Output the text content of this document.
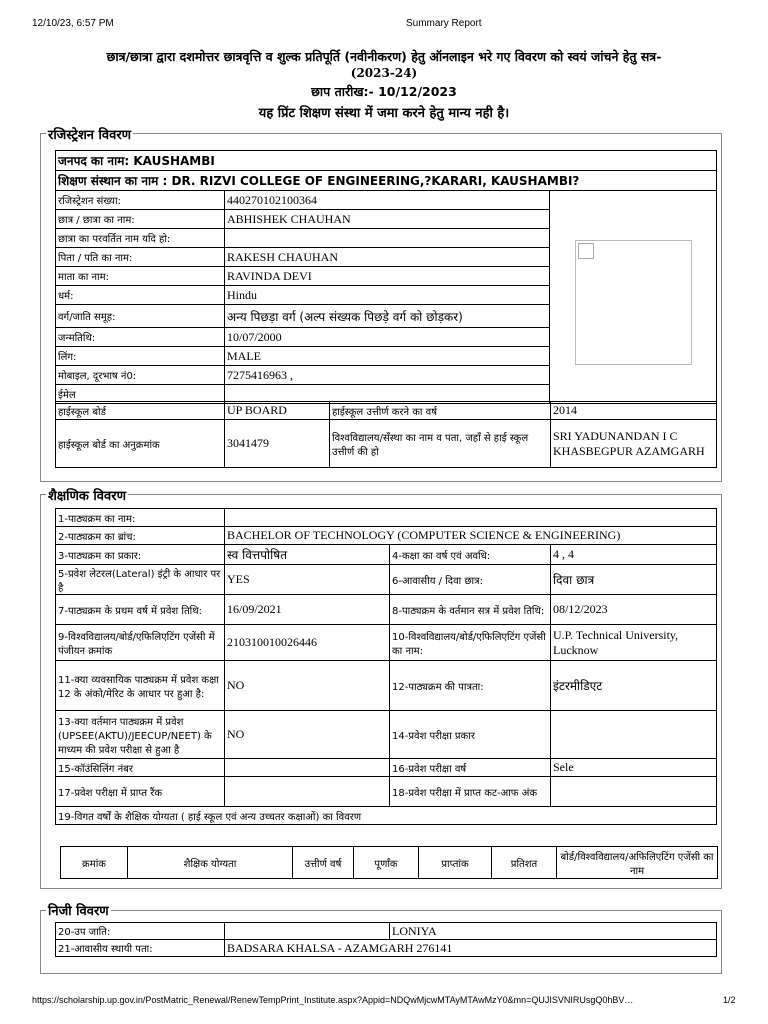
12/10/23, 6:57 PM	Summary Report
छात्र/छात्रा द्वारा दशमोत्तर छात्रवृत्ति व शुल्क प्रतिपूर्ति (नवीनीकरण) हेतु ऑनलाइन भरे गए विवरण को स्वयं जांचने हेतु सत्र-
(2023-24)
छाप तारीख:- 10/12/2023
यह प्रिंट शिक्षण संस्था में जमा करने हेतु मान्य नही है।
रजिस्ट्रेशन विवरण
जनपद का नाम: KAUSHAMBI		
शिक्षण संस्थान का नाम : DR. RIZVI COLLEGE OF ENGINEERING,?KARARI, KAUSHAMBI?		
रजिस्ट्रेशन संख्या:	440270102100364	
छात्र / छात्रा का नाम:	ABHISHEK CHAUHAN	
छात्रा का परवर्तित नाम यदि हो:		
पिता / पति का नाम:	RAKESH CHAUHAN	
माता का नाम:	RAVINDA DEVI	
धर्म:	Hindu	
वर्ग/जाति समूह:	अन्य पिछड़ा वर्ग (अल्प संख्यक पिछड़े वर्ग को छोड़कर)	
जन्मतिथि:	10/07/2000	
लिंग:	MALE	
मोबाइल, दूरभाष नं0:	7275416963 ,	
ईमेल		
हाईस्कूल बोर्ड	UP BOARD	हाईस्कूल उत्तीर्ण करने का वर्ष	2014
हाईस्कूल बोर्ड का अनुक्रमांक	3041479	विश्वविद्यालय/सँस्था का नाम व पता, जहाँ से हाई स्कूल उत्तीर्ण की हो	SRI YADUNANDAN I C KHASBEGPUR AZAMGARH
शैक्षणिक विवरण
1-पाठ्यक्रम का नाम:			
2-पाठ्यक्रम का ब्रांच:	BACHELOR OF TECHNOLOGY (COMPUTER SCIENCE & ENGINEERING)		
3-पाठ्यक्रम का प्रकार:	स्व वित्तपोषित	4-कक्षा का वर्ष एवं अवधि:	4 , 4
5-प्रवेश लेटरल(Lateral) इंट्री के आधार पर है	YES	6-आवासीय / दिवा छात्र:	दिवा छात्र
7-पाठ्यक्रम के प्रथम वर्ष में प्रवेश तिथि:	16/09/2021	8-पाठ्यक्रम के वर्तमान सत्र में प्रवेश तिथि:	08/12/2023
9-विश्वविद्यालय/बोर्ड/एफिलिएटिंग एजेंसी में पंजीयन क्रमांक	210310010026446	10-विश्वविद्यालय/बोर्ड/एफिलिएटिंग एजेंसी का नाम:	U.P. Technical University, Lucknow
11-क्या व्यवसायिक पाठ्यक्रम में प्रवेश कक्षा 12 के अंको/मेरिट के आधार पर हुआ है:	NO	12-पाठ्यक्रम की पात्रता:	इंटरमीडिएट
13-क्या वर्तमान पाठ्यक्रम में प्रवेश (UPSEE(AKTU)/JEECUP/NEET) के माध्यम की प्रवेश परीक्षा से हुआ है	NO	14-प्रवेश परीक्षा प्रकार	
15-कॉउंसिलिंग नंबर		16-प्रवेश परीक्षा वर्ष	Sele
17-प्रवेश परीक्षा में प्राप्त रैंक		18-प्रवेश परीक्षा में प्राप्त कट-आफ अंक	
19-विगत वर्षों के शैक्षिक योग्यता ( हाई स्कूल एवं अन्य उच्चतर कक्षाओं) का विवरण			
क्रमांक	शैक्षिक योग्यता	उत्तीर्ण वर्ष	पूर्णांक	प्राप्तांक	प्रतिशत	बोर्ड/विश्वविद्यालय/अफिलिएटिंग एजेंसी का नाम
निजी विवरण
20-उप जाति:		LONIYA
21-आवासीय स्थायी पता:	BADSARA KHALSA - AZAMGARH 276141	
https://scholarship.up.gov.in/PostMatric_Renewal/RenewTempPrint_Institute.aspx?Appid=NDQwMjcwMTAyMTAwMzY0&mn=QUJISVNIRUsgQ0hBV…	1/2
